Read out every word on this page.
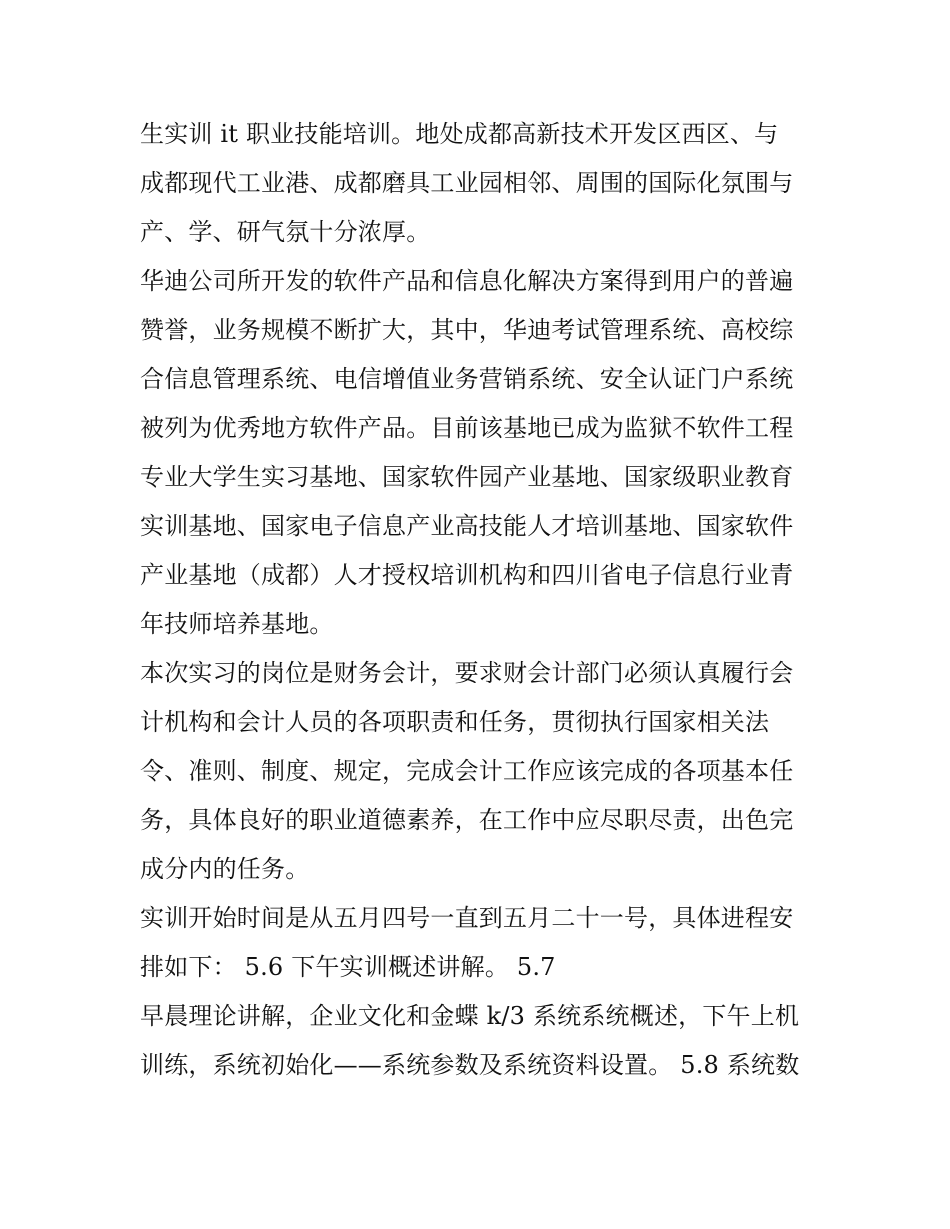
生实训 it 职业技能培训。地处成都高新技术开发区西区、与
成都现代工业港、成都磨具工业园相邻、周围的国际化氛围与
产、学、研气氛十分浓厚。
华迪公司所开发的软件产品和信息化解决方案得到用户的普遍
赞誉，业务规模不断扩大，其中，华迪考试管理系统、高校综
合信息管理系统、电信增值业务营销系统、安全认证门户系统
被列为优秀地方软件产品。目前该基地已成为监狱不软件工程
专业大学生实习基地、国家软件园产业基地、国家级职业教育
实训基地、国家电子信息产业高技能人才培训基地、国家软件
产业基地（成都）人才授权培训机构和四川省电子信息行业青
年技师培养基地。
本次实习的岗位是财务会计，要求财会计部门必须认真履行会
计机构和会计人员的各项职责和任务，贯彻执行国家相关法
令、准则、制度、规定，完成会计工作应该完成的各项基本任
务，具体良好的职业道德素养，在工作中应尽职尽责，出色完
成分内的任务。
实训开始时间是从五月四号一直到五月二十一号，具体进程安
排如下： 5.6 下午实训概述讲解。 5.7
早晨理论讲解，企业文化和金蝶 k/3 系统系统概述，下午上机
训练，系统初始化——系统参数及系统资料设置。 5.8 系统数
